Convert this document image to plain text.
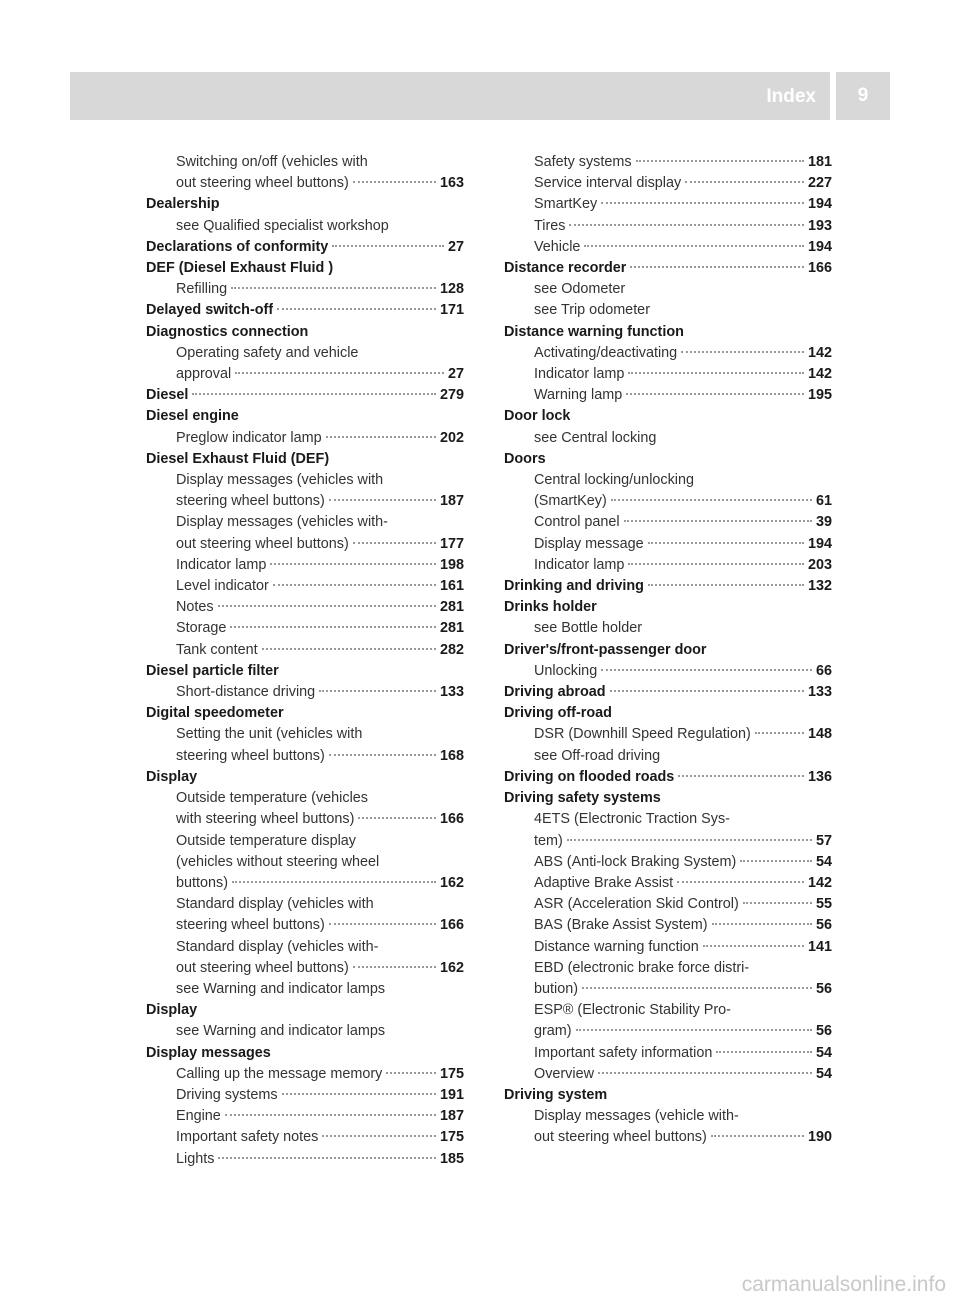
Index	9
Switching on/off (vehicles with
out steering wheel buttons)	163
Dealership
see Qualified specialist workshop
Declarations of conformity	27
DEF (Diesel Exhaust Fluid )
Refilling	128
Delayed switch-off	171
Diagnostics connection
Operating safety and vehicle
approval	27
Diesel	279
Diesel engine
Preglow indicator lamp	202
Diesel Exhaust Fluid (DEF)
Display messages (vehicles with
steering wheel buttons)	187
Display messages (vehicles with-
out steering wheel buttons)	177
Indicator lamp	198
Level indicator	161
Notes	281
Storage	281
Tank content	282
Diesel particle filter
Short-distance driving	133
Digital speedometer
Setting the unit (vehicles with
steering wheel buttons)	168
Display
Outside temperature (vehicles
with steering wheel buttons)	166
Outside temperature display
(vehicles without steering wheel
buttons)	162
Standard display (vehicles with
steering wheel buttons)	166
Standard display (vehicles with-
out steering wheel buttons)	162
see Warning and indicator lamps
Display
see Warning and indicator lamps
Display messages
Calling up the message memory	175
Driving systems	191
Engine	187
Important safety notes	175
Lights	185
Safety systems	181
Service interval display	227
SmartKey	194
Tires	193
Vehicle	194
Distance recorder	166
see Odometer
see Trip odometer
Distance warning function
Activating/deactivating	142
Indicator lamp	142
Warning lamp	195
Door lock
see Central locking
Doors
Central locking/unlocking
(SmartKey)	61
Control panel	39
Display message	194
Indicator lamp	203
Drinking and driving	132
Drinks holder
see Bottle holder
Driver's/front-passenger door
Unlocking	66
Driving abroad	133
Driving off-road
DSR (Downhill Speed Regulation)	148
see Off-road driving
Driving on flooded roads	136
Driving safety systems
4ETS (Electronic Traction Sys-
tem)	57
ABS (Anti-lock Braking System)	54
Adaptive Brake Assist	142
ASR (Acceleration Skid Control)	55
BAS (Brake Assist System)	56
Distance warning function	141
EBD (electronic brake force distri-
bution)	56
ESP® (Electronic Stability Pro-
gram)	56
Important safety information	54
Overview	54
Driving system
Display messages (vehicle with-
out steering wheel buttons)	190
carmanualsonline.info
